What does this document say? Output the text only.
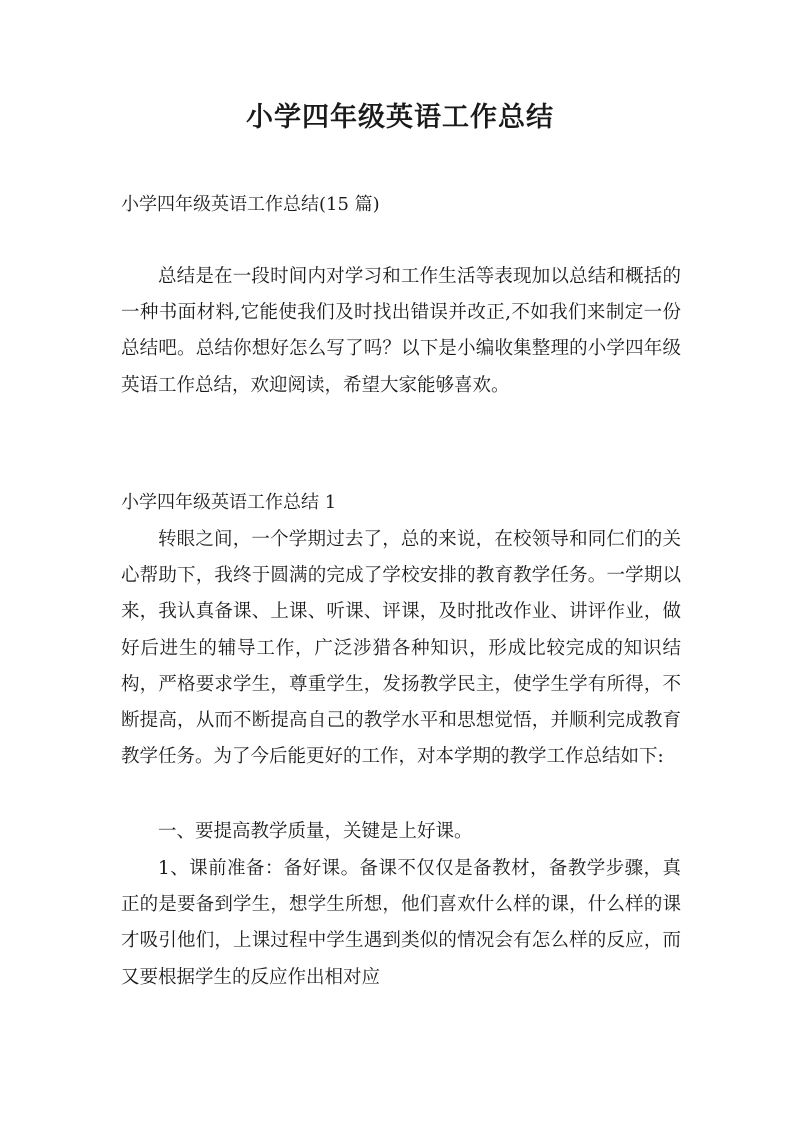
小学四年级英语工作总结
小学四年级英语工作总结(15 篇)

总结是在一段时间内对学习和工作生活等表现加以总结和概括的一种书面材料,它能使我们及时找出错误并改正,不如我们来制定一份总结吧。总结你想好怎么写了吗？以下是小编收集整理的小学四年级英语工作总结，欢迎阅读，希望大家能够喜欢。

小学四年级英语工作总结 1

转眼之间，一个学期过去了，总的来说，在校领导和同仁们的关心帮助下，我终于圆满的完成了学校安排的教育教学任务。一学期以来，我认真备课、上课、听课、评课，及时批改作业、讲评作业，做好后进生的辅导工作，广泛涉猎各种知识，形成比较完成的知识结构，严格要求学生，尊重学生，发扬教学民主，使学生学有所得，不断提高，从而不断提高自己的教学水平和思想觉悟，并顺利完成教育教学任务。为了今后能更好的工作，对本学期的教学工作总结如下:

一、要提高教学质量，关键是上好课。

1、课前准备：备好课。备课不仅仅是备教材，备教学步骤，真正的是要备到学生，想学生所想，他们喜欢什么样的课，什么样的课才吸引他们，上课过程中学生遇到类似的情况会有怎么样的反应，而又要根据学生的反应作出相对应
